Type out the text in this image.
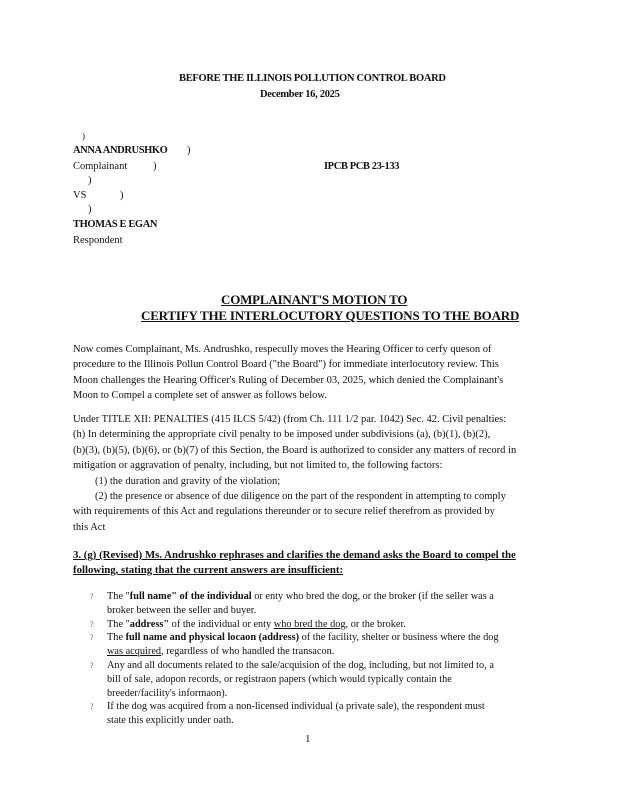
BEFORE THE ILLINOIS POLLUTION CONTROL BOARD
December 16, 2025
)
ANNA ANDRUSHKO )
Complainant )	IPCB PCB 23-133
)
VS	)
)
THOMAS E EGAN
Respondent
COMPLAINANT'S MOTION TO
CERTIFY THE INTERLOCUTORY QUESTIONS TO THE BOARD
Now comes Complainant, Ms. Andrushko, respecully moves the Hearing Officer to cerfy queson of
procedure to the Illinois Pollun Control Board ("the Board") for immediate interlocutory review. This
Moon challenges the Hearing Officer's Ruling of December 03, 2025, which denied the Complainant's
Moon to Compel a complete set of answer as follows below.
Under TITLE XII: PENALTIES (415 ILCS 5/42) (from Ch. 111 1/2 par. 1042) Sec. 42. Civil penalties:
(h) In determining the appropriate civil penalty to be imposed under subdivisions (a), (b)(1), (b)(2),
(b)(3), (b)(5), (b)(6), or (b)(7) of this Section, the Board is authorized to consider any matters of record in
mitigation or aggravation of penalty, including, but not limited to, the following factors:
(1) the duration and gravity of the violation;
(2) the presence or absence of due diligence on the part of the respondent in attempting to comply
with requirements of this Act and regulations thereunder or to secure relief therefrom as provided by
this Act
3. (g) (Revised) Ms. Andrushko rephrases and clarifies the demand asks the Board to compel the
following, stating that the current answers are insufficient:
? The "full name" of the individual or enty who bred the dog, or the broker (if the seller was a
broker between the seller and buyer.
? The "address" of the individual or enty who bred the dog, or the broker.
? The full name and physical locaon (address) of the facility, shelter or business where the dog
was acquired, regardless of who handled the transacon.
? Any and all documents related to the sale/acquision of the dog, including, but not limited to, a
bill of sale, adopon records, or registraon papers (which would typically contain the
breeder/facility's informaon).
? If the dog was acquired from a non-licensed individual (a private sale), the respondent must
state this explicitly under oath.
1
